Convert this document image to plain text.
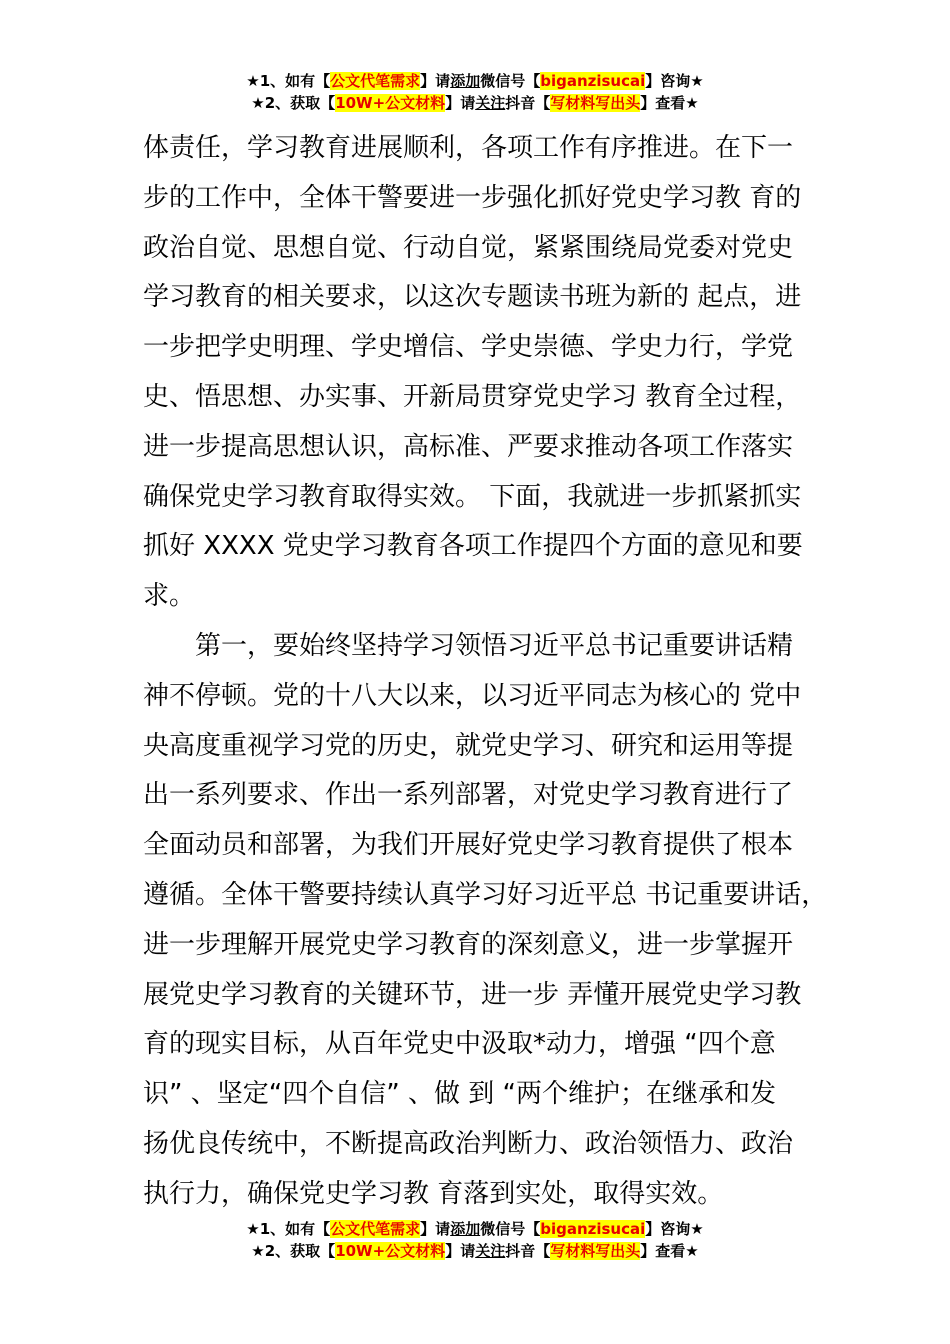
★1、如有【公文代笔需求】请添加微信号【biganzisucai】咨询★
★2、获取【10W+公文材料】请关注抖音【写材料写出头】查看★
体责任，学习教育进展顺利，各项工作有序推进。在下一
步的工作中，全体干警要进一步强化抓好党史学习教 育的
政治自觉、思想自觉、行动自觉，紧紧围绕局党委对党史
学习教育的相关要求，以这次专题读书班为新的 起点，进
一步把学史明理、学史增信、学史崇德、学史力行，学党
史、悟思想、办实事、开新局贯穿党史学习 教育全过程，
进一步提高思想认识，高标准、严要求推动各项工作落实
确保党史学习教育取得实效。 下面，我就进一步抓紧抓实
抓好 XXXX 党史学习教育各项工作提四个方面的意见和要
求。
　　第一，要始终坚持学习领悟习近平总书记重要讲话精
神不停顿。党的十八大以来，以习近平同志为核心的 党中
央高度重视学习党的历史，就党史学习、研究和运用等提
出一系列要求、作出一系列部署，对党史学习教育进行了
全面动员和部署，为我们开展好党史学习教育提供了根本
遵循。全体干警要持续认真学习好习近平总 书记重要讲话，
进一步理解开展党史学习教育的深刻意义，进一步掌握开
展党史学习教育的关键环节，进一步 弄懂开展党史学习教
育的现实目标，从百年党史中汲取*动力，增强 “四个意
识” 、坚定“四个自信” 、做 到 “两个维护；在继承和发
扬优良传统中，不断提高政治判断力、政治领悟力、政治
执行力，确保党史学习教 育落到实处，取得实效。
★1、如有【公文代笔需求】请添加微信号【biganzisucai】咨询★
★2、获取【10W+公文材料】请关注抖音【写材料写出头】查看★
